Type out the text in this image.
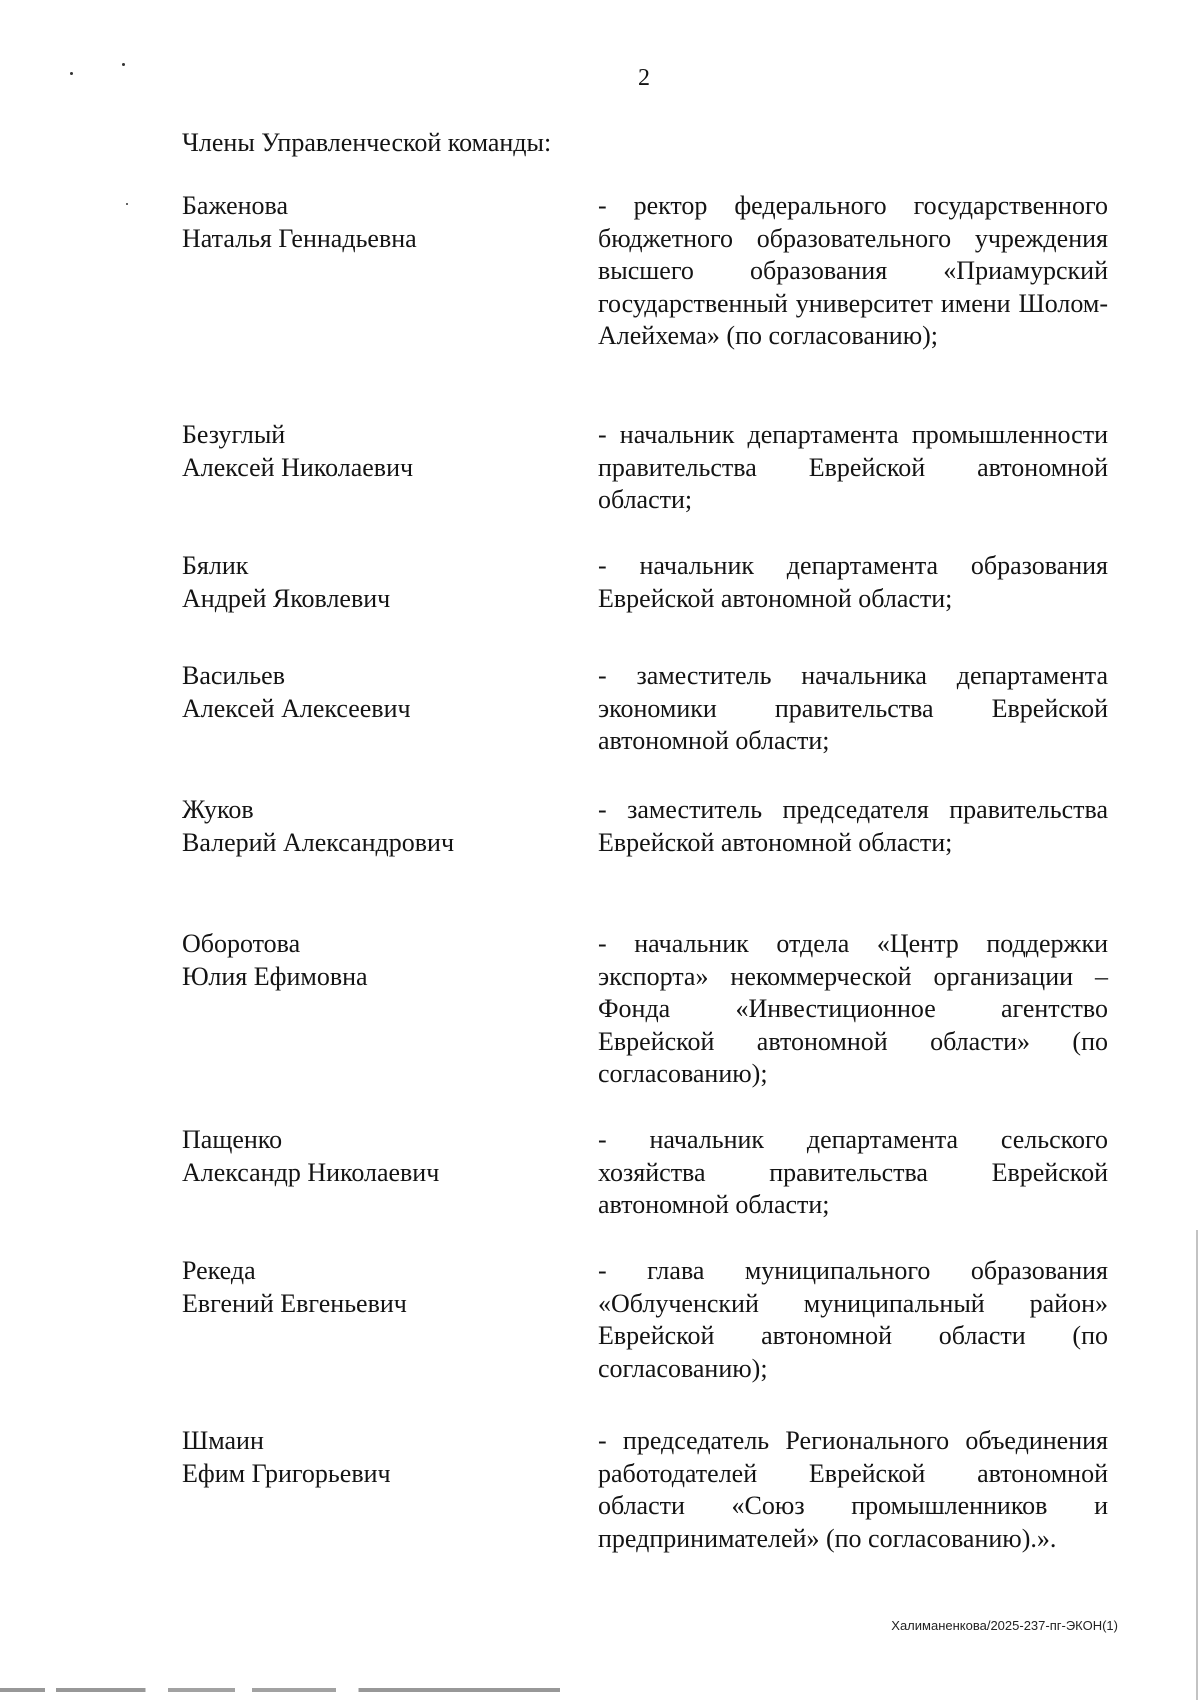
2
Члены Управленческой команды:
Баженова
Наталья Геннадьевна
- ректор федерального государственного бюджетного образовательного учреждения высшего образования «Приамурский государственный университет имени Шолом-Алейхема» (по согласованию);
Безуглый
Алексей Николаевич
- начальник департамента промышленности правительства Еврейской автономной области;
Бялик
Андрей Яковлевич
- начальник департамента образования Еврейской автономной области;
Васильев
Алексей Алексеевич
- заместитель начальника департамента экономики правительства Еврейской автономной области;
Жуков
Валерий Александрович
- заместитель председателя правительства Еврейской автономной области;
Оборотова
Юлия Ефимовна
- начальник отдела «Центр поддержки экспорта» некоммерческой организации – Фонда «Инвестиционное агентство Еврейской автономной области» (по согласованию);
Пащенко
Александр Николаевич
- начальник департамента сельского хозяйства правительства Еврейской автономной области;
Рекеда
Евгений Евгеньевич
- глава муниципального образования «Облученский муниципальный район» Еврейской автономной области (по согласованию);
Шмаин
Ефим Григорьевич
- председатель Регионального объединения работодателей Еврейской автономной области «Союз промышленников и предпринимателей» (по согласованию).».
Халиманенкова/2025-237-пг-ЭКОН(1)
